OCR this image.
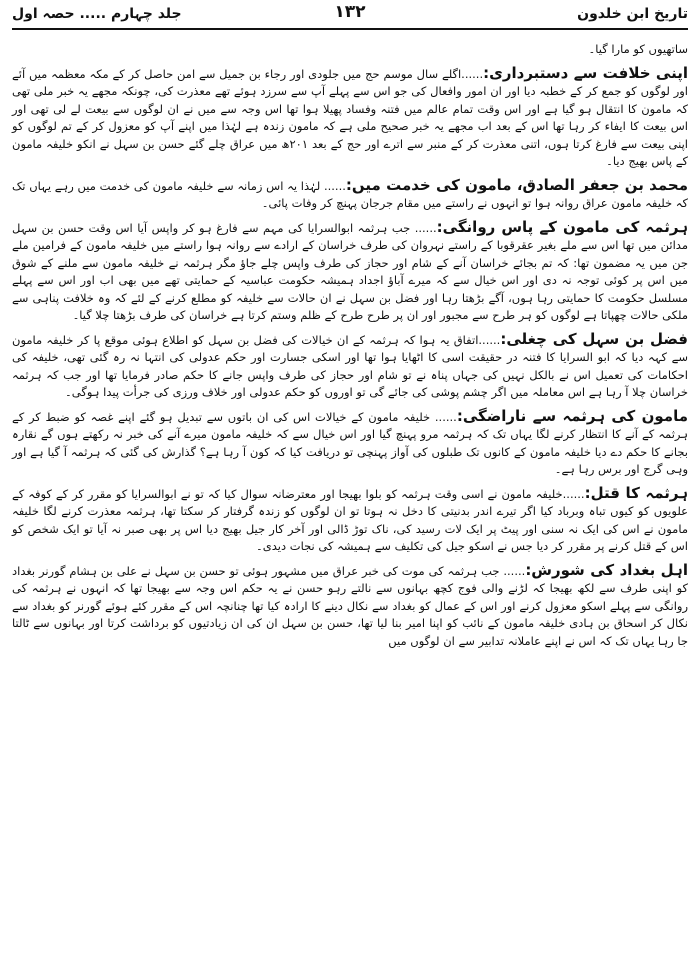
تاریخ ابن خلدون
۱۳۲
جلد چہارم ..... حصہ اول

ساتھیوں کو مارا گیا۔

اپنی خلافت سے دستبرداری:......اگلے سال موسم حج میں جلودی اور رجاء بن جمیل سے امن حاصل کر کے مکہ معظمہ میں آئے اور لوگوں کو جمع کر کے خطبہ دیا اور ان امور وافعال کی جو اس سے پہلے آپ سے سرزد ہوئے تھے معذرت کی، چونکہ مجھے یہ خبر ملی تھی کہ مامون کا انتقال ہو گیا ہے اور اس وقت تمام عالم میں فتنہ وفساد پھیلا ہوا تھا اس وجہ سے میں نے ان لوگوں سے بیعت لے لی تھی اور اس بیعت کا ایفاء کر رہا تھا اس کے بعد اب مجھے یہ خبر صحیح ملی ہے کہ مامون زندہ ہے لہٰذا میں اپنے آپ کو معزول کر کے تم لوگوں کو اپنی بیعت سے فارغ کرتا ہوں، اتنی معذرت کر کے منبر سے اترے اور حج کے بعد ۲۰۱ھ میں عراق چلے گئے حسن بن سہل نے انکو خلیفہ مامون کے پاس بھیج دیا۔

محمد بن جعفر الصادق، مامون کی خدمت میں:...... لہٰذا یہ اس زمانہ سے خلیفہ مامون کی خدمت میں رہے یہاں تک کہ خلیفہ مامون عراق روانہ ہوا تو انہوں نے راستے میں مقام جرجان پہنچ کر وفات پائی۔

ہرثمہ کی مامون کے پاس روانگی:...... جب ہرثمہ ابوالسرایا کی مہم سے فارغ ہو کر واپس آیا اس وقت حسن بن سہل مدائن میں تھا اس سے ملے بغیر عقرقوبا کے راستے نہروان کی طرف خراسان کے ارادے سے روانہ ہوا راستے میں خلیفہ مامون کے فرامین ملے جن میں یہ مضمون تھا: کہ تم بجائے خراسان آنے کے شام اور حجاز کی طرف واپس چلے جاؤ مگر ہرثمہ نے خلیفہ مامون سے ملنے کے شوق میں اس پر کوئی توجہ نہ دی اور اس خیال سے کہ میرے آباؤ اجداد ہمیشہ حکومت عباسیہ کے حمایتی تھے میں بھی اب اور اس سے پہلے مسلسل حکومت کا حمایتی رہا ہوں، آگے بڑھتا رہا اور فضل بن سہل نے ان حالات سے خلیفہ کو مطلع کرنے کے لئے کہ وہ خلافت پناہی سے ملکی حالات چھپاتا ہے لوگوں کو ہر طرح سے مجبور اور ان پر طرح طرح کے ظلم وستم کرتا ہے خراسان کی طرف بڑھتا چلا گیا۔

فضل بن سہل کی چغلی:......اتفاق یہ ہوا کہ ہرثمہ کے ان خیالات کی فضل بن سہل کو اطلاع ہوئی موقع پا کر خلیفہ مامون سے کہہ دیا کہ ابو السرایا کا فتنہ در حقیقت اسی کا اٹھایا ہوا تھا اور اسکی جسارت اور حکم عدولی کی انتہا نہ رہ گئی تھی، خلیفہ کی احکامات کی تعمیل اس نے بالکل نہیں کی جہاں پناہ نے تو شام اور حجاز کی طرف واپس جانے کا حکم صادر فرمایا تھا اور جب کہ ہرثمہ خراسان چلا آ رہا ہے اس معاملہ میں اگر چشم پوشی کی جائے گی تو اوروں کو حکم عدولی اور خلاف ورزی کی جرأت پیدا ہوگی۔

مامون کی ہرثمہ سے ناراضگی:...... خلیفہ مامون کے خیالات اس کی ان باتوں سے تبدیل ہو گئے اپنے غصہ کو ضبط کر کے ہرثمہ کے آنے کا انتظار کرنے لگا یہاں تک کہ ہرثمہ مرو پہنچ گیا اور اس خیال سے کہ خلیفہ مامون میرے آنے کی خبر نہ رکھتے ہوں گے نقارہ بجانے کا حکم دے دیا خلیفہ مامون کے کانوں تک طبلوں کی آواز پہنچی تو دریافت کیا کہ کون آ رہا ہے؟ گذارش کی گئی کہ ہرثمہ آ گیا ہے اور وہی گرج اور برس رہا ہے۔

ہرثمہ کا قتل:......خلیفہ مامون نے اسی وقت ہرثمہ کو بلوا بھیجا اور معترضانہ سوال کیا کہ تو نے ابوالسرایا کو مقرر کر کے کوفہ کے علویوں کو کیوں تباہ وبرباد کیا اگر تیرے اندر بدنیتی کا دخل نہ ہوتا تو ان لوگوں کو زندہ گرفتار کر سکتا تھا، ہرثمہ معذرت کرنے لگا خلیفہ مامون نے اس کی ایک نہ سنی اور پیٹ پر ایک لات رسید کی، ناک توڑ ڈالی اور آخر کار جیل بھیج دیا اس پر بھی صبر نہ آیا تو ایک شخص کو اس کے قتل کرنے پر مقرر کر دیا جس نے اسکو جیل کی تکلیف سے ہمیشہ کی نجات دیدی۔

اہل بغداد کی شورش:...... جب ہرثمہ کی موت کی خبر عراق میں مشہور ہوئی تو حسن بن سہل نے علی بن ہشام گورنر بغداد کو اپنی طرف سے لکھ بھیجا کہ لڑنے والی فوج کچھ بہانوں سے نالتے رہو حسن نے یہ حکم اس وجہ سے بھیجا تھا کہ انہوں نے ہرثمہ کی روانگی سے پہلے اسکو معزول کرنے اور اس کے عمال کو بغداد سے نکال دینے کا ارادہ کیا تھا چنانچہ اس کے مقرر کئے ہوئے گورنر کو بغداد سے نکال کر اسحاق بن ہادی خلیفہ مامون کے نائب کو اپنا امیر بنا لیا تھا، حسن بن سہل ان کی ان زیادتیوں کو برداشت کرتا اور بہانوں سے ٹالتا جا رہا یہاں تک کہ اس نے اپنے عاملانہ تدابیر سے ان لوگوں میں
